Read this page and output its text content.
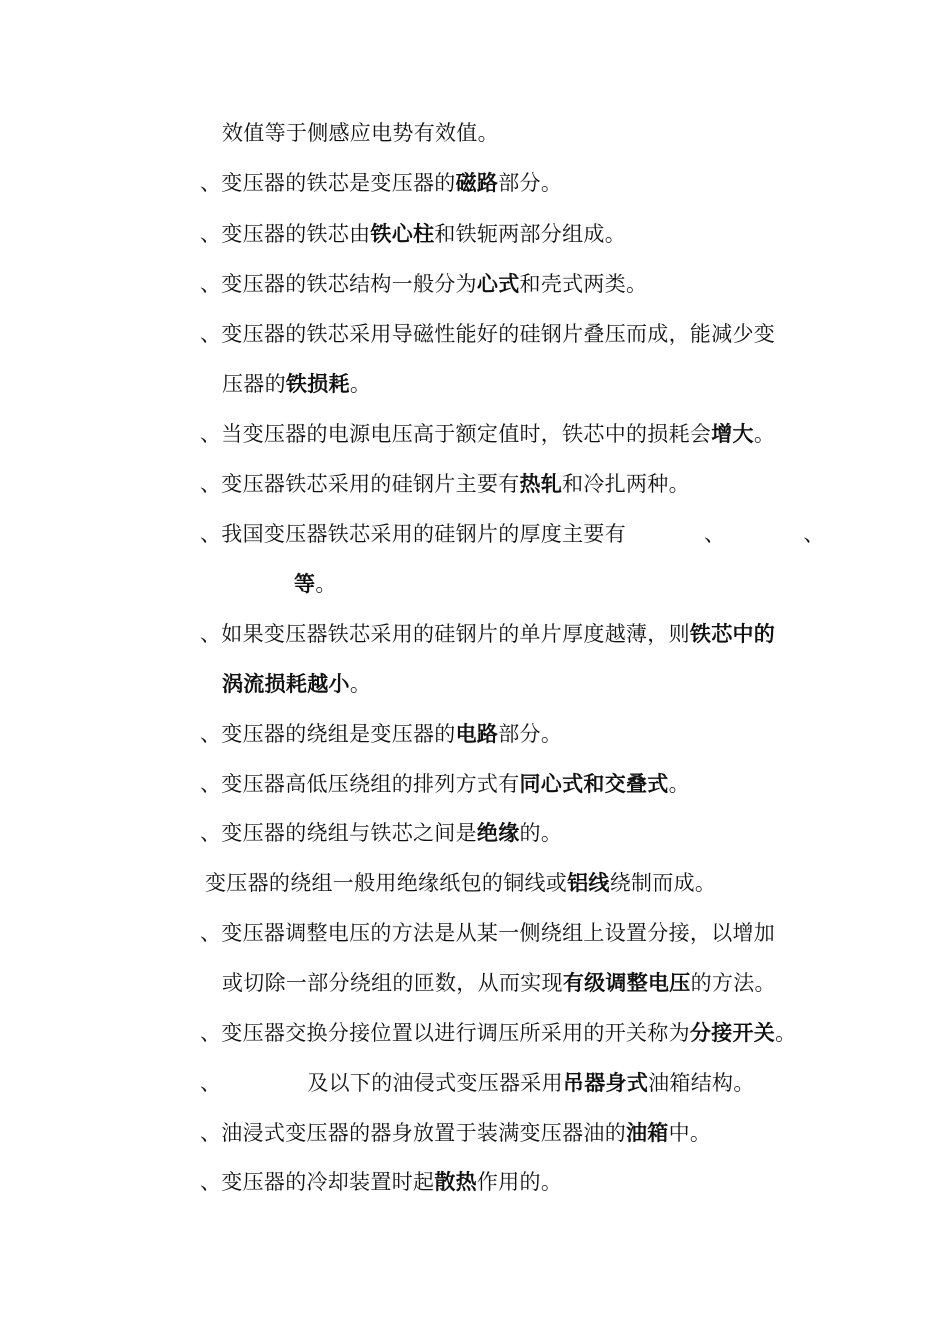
效值等于侧感应电势有效值。
、变压器的铁芯是变压器的磁路部分。
、变压器的铁芯由铁心柱和铁轭两部分组成。
、变压器的铁芯结构一般分为心式和壳式两类。
、变压器的铁芯采用导磁性能好的硅钢片叠压而成，能减少变
压器的铁损耗。
、当变压器的电源电压高于额定值时，铁芯中的损耗会增大。
、变压器铁芯采用的硅钢片主要有热轧和冷扎两种。
、我国变压器铁芯采用的硅钢片的厚度主要有	、	、
等。
、如果变压器铁芯采用的硅钢片的单片厚度越薄，则铁芯中的
涡流损耗越小。
、变压器的绕组是变压器的电路部分。
、变压器高低压绕组的排列方式有同心式和交叠式。
、变压器的绕组与铁芯之间是绝缘的。
变压器的绕组一般用绝缘纸包的铜线或铝线绕制而成。
、变压器调整电压的方法是从某一侧绕组上设置分接，以增加
或切除一部分绕组的匝数，从而实现有级调整电压的方法。
、变压器交换分接位置以进行调压所采用的开关称为分接开关。
、	及以下的油侵式变压器采用吊器身式油箱结构。
、油浸式变压器的器身放置于装满变压器油的油箱中。
、变压器的冷却装置时起散热作用的。
